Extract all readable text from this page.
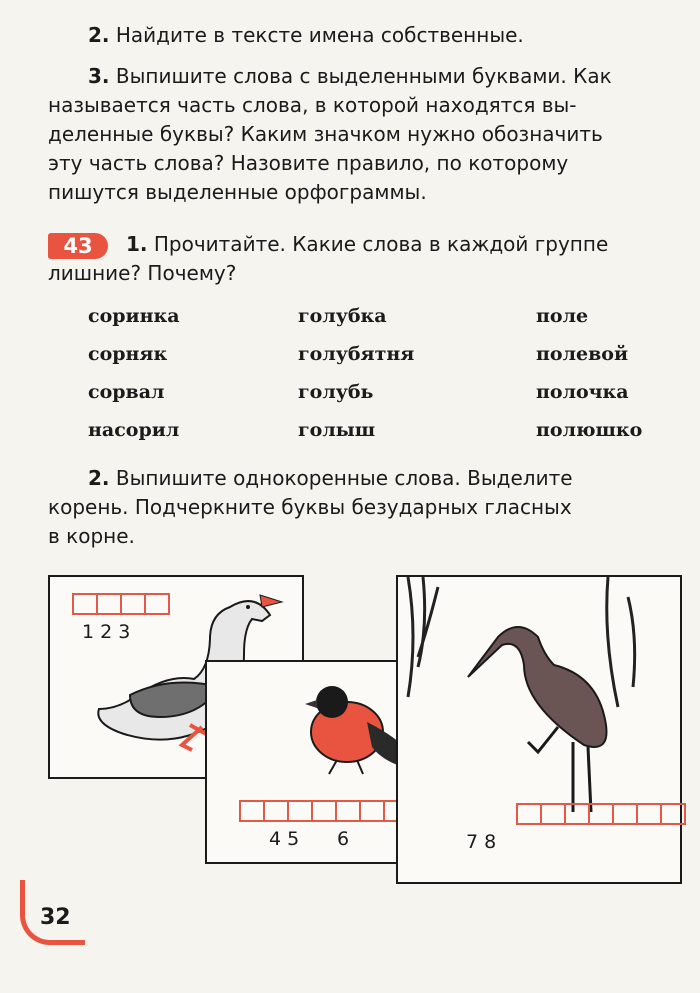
2. Найдите в тексте имена собственные.
3. Выпишите слова с выделенными буквами. Как
называется часть слова, в которой находятся вы-
деленные буквы? Каким значком нужно обозначить
эту часть слова? Назовите правило, по которому
пишутся выделенные орфограммы.
43	1. Прочитайте. Какие слова в каждой группе
лишние? Почему?
соринка
сорняк
сорвал
насорил
голубка
голубятня
голубь
голыш
поле
полевой
полочка
полюшко
2. Выпишите однокоренные слова. Выделите
корень. Подчеркните буквы безударных гласных
в корне.
1 2 3
4 5 6	7 8
32
